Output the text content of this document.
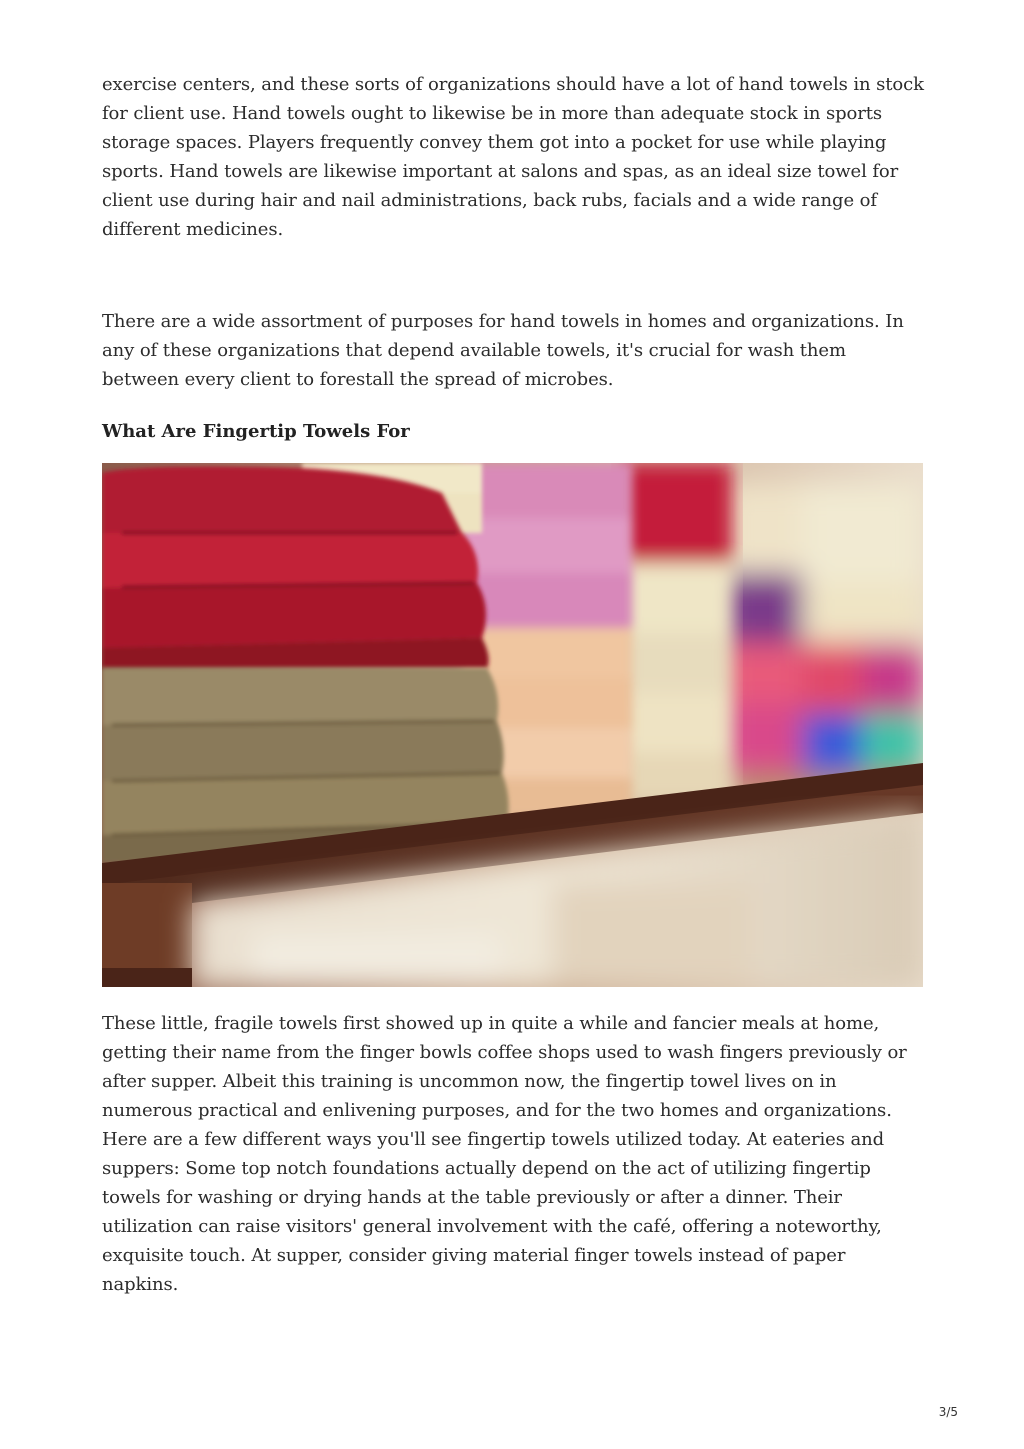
exercise centers, and these sorts of organizations should have a lot of hand towels in stock for client use. Hand towels ought to likewise be in more than adequate stock in sports storage spaces. Players frequently convey them got into a pocket for use while playing sports. Hand towels are likewise important at salons and spas, as an ideal size towel for client use during hair and nail administrations, back rubs, facials and a wide range of different medicines.

There are a wide assortment of purposes for hand towels in homes and organizations. In any of these organizations that depend available towels, it's crucial for wash them between every client to forestall the spread of microbes.

What Are Fingertip Towels For

These little, fragile towels first showed up in quite a while and fancier meals at home, getting their name from the finger bowls coffee shops used to wash fingers previously or after supper. Albeit this training is uncommon now, the fingertip towel lives on in numerous practical and enlivening purposes, and for the two homes and organizations. Here are a few different ways you'll see fingertip towels utilized today. At eateries and suppers: Some top notch foundations actually depend on the act of utilizing fingertip towels for washing or drying hands at the table previously or after a dinner. Their utilization can raise visitors' general involvement with the café, offering a noteworthy, exquisite touch. At supper, consider giving material finger towels instead of paper napkins.

3/5
